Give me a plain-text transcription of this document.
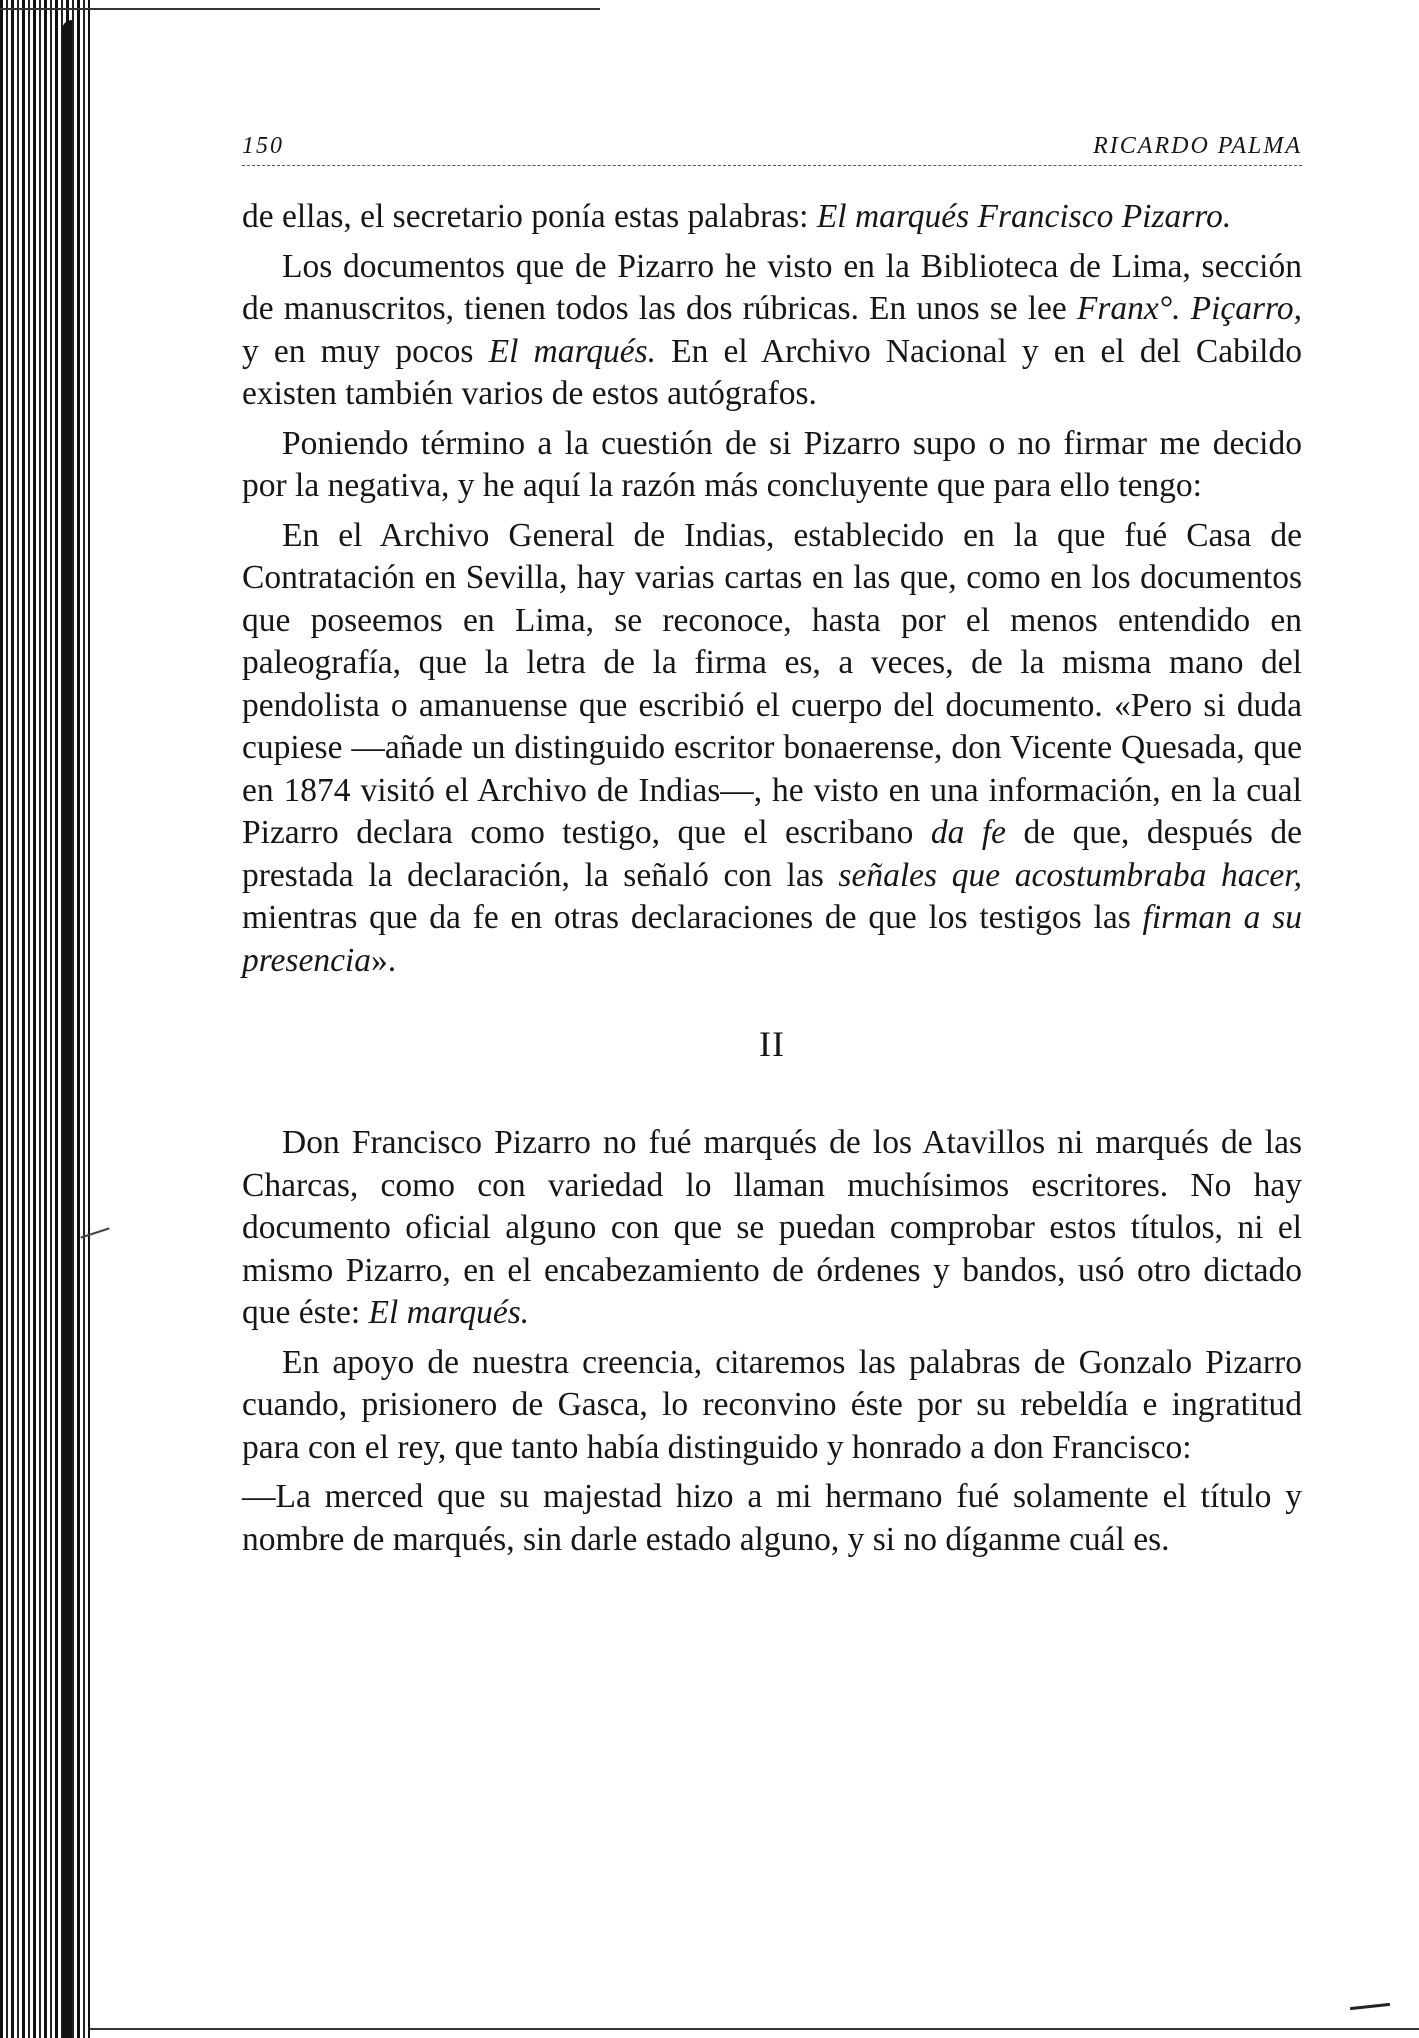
150	RICARDO PALMA

de ellas, el secretario ponía estas palabras: El marqués Francisco Pizarro.

Los documentos que de Pizarro he visto en la Biblioteca de Lima, sección de manuscritos, tienen todos las dos rúbricas. En unos se lee Franx°. Piçarro, y en muy pocos El marqués. En el Archivo Nacional y en el del Cabildo existen también varios de estos autógrafos.

Poniendo término a la cuestión de si Pizarro supo o no firmar me decido por la negativa, y he aquí la razón más concluyente que para ello tengo:

En el Archivo General de Indias, establecido en la que fué Casa de Contratación en Sevilla, hay varias cartas en las que, como en los documentos que poseemos en Lima, se reconoce, hasta por el menos entendido en paleografía, que la letra de la firma es, a veces, de la misma mano del pendolista o amanuense que escribió el cuerpo del documento. «Pero si duda cupiese —añade un distinguido escritor bonaerense, don Vicente Quesada, que en 1874 visitó el Archivo de Indias—, he visto en una información, en la cual Pizarro declara como testigo, que el escribano da fe de que, después de prestada la declaración, la señaló con las señales que acostumbraba hacer, mientras que da fe en otras declaraciones de que los testigos las firman a su presencia».

II

Don Francisco Pizarro no fué marqués de los Atavillos ni marqués de las Charcas, como con variedad lo llaman muchísimos escritores. No hay documento oficial alguno con que se puedan comprobar estos títulos, ni el mismo Pizarro, en el encabezamiento de órdenes y bandos, usó otro dictado que éste: El marqués.

En apoyo de nuestra creencia, citaremos las palabras de Gonzalo Pizarro cuando, prisionero de Gasca, lo reconvino éste por su rebeldía e ingratitud para con el rey, que tanto había distinguido y honrado a don Francisco:

—La merced que su majestad hizo a mi hermano fué solamente el título y nombre de marqués, sin darle estado alguno, y si no díganme cuál es.
